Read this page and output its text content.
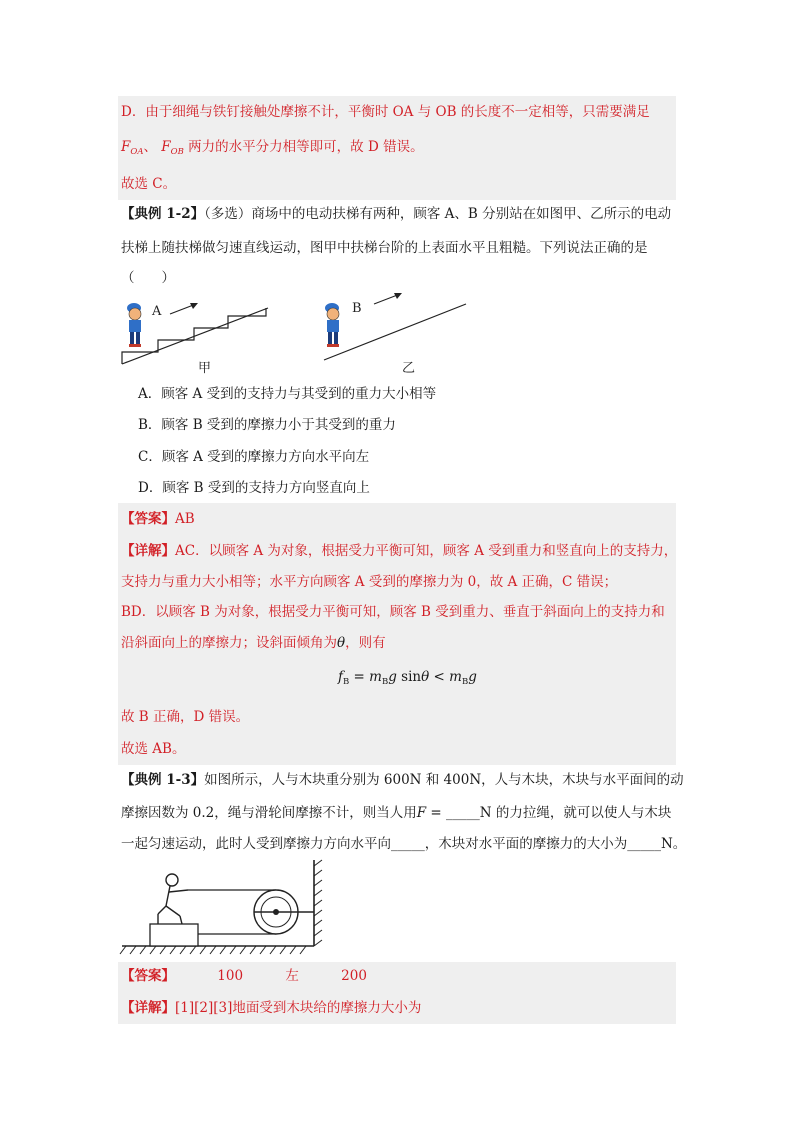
D．由于细绳与铁钉接触处摩擦不计，平衡时 OA 与 OB 的长度不一定相等，只需要满足
$F_{OA}$、 $F_{OB}$ 两力的水平分力相等即可，故 D 错误。
故选 C。
【典例 1-2】（多选）商场中的电动扶梯有两种，顾客 A、B 分别站在如图甲、乙所示的电动
扶梯上随扶梯做匀速直线运动，图甲中扶梯台阶的上表面水平且粗糙。下列说法正确的是
（　　）
A
甲
B
乙
A．顾客 A 受到的支持力与其受到的重力大小相等
B．顾客 B 受到的摩擦力小于其受到的重力
C．顾客 A 受到的摩擦力方向水平向左
D．顾客 B 受到的支持力方向竖直向上
【答案】AB
【详解】AC．以顾客 A 为对象，根据受力平衡可知，顾客 A 受到重力和竖直向上的支持力，
支持力与重力大小相等；水平方向顾客 A 受到的摩擦力为 0，故 A 正确，C 错误；
BD．以顾客 B 为对象，根据受力平衡可知，顾客 B 受到重力、垂直于斜面向上的支持力和
沿斜面向上的摩擦力；设斜面倾角为θ，则有
$f_B = m_Bg$ $\sin\theta < m_Bg$
故 B 正确，D 错误。
故选 AB。
【典例 1-3】如图所示，人与木块重分别为 600N 和 400N，人与木块，木块与水平面间的动
摩擦因数为 0.2，绳与滑轮间摩擦不计，则当人用F = _____N 的力拉绳，就可以使人与木块
一起匀速运动，此时人受到摩擦力方向水平向_____，木块对水平面的摩擦力的大小为_____N。
【答案】	100	左	200
【详解】[1][2][3]地面受到木块给的摩擦力大小为
